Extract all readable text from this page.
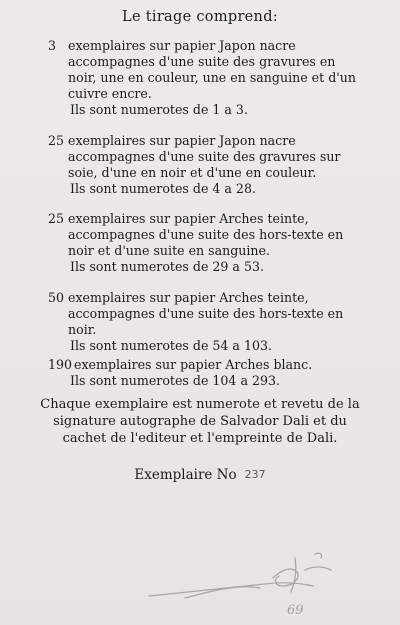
Le tirage comprend:
3 exemplaires sur papier Japon nacre accompagnes d'une suite des gravures en noir, une en couleur, une en sanguine et d'un cuivre encre.
Ils sont numerotes de 1 a 3.
25 exemplaires sur papier Japon nacre accompagnes d'une suite des gravures sur soie, d'une en noir et d'une en couleur.
Ils sont numerotes de 4 a 28.
25 exemplaires sur papier Arches teinte, accompagnes d'une suite des hors-texte en noir et d'une suite en sanguine.
Ils sont numerotes de 29 a 53.
50 exemplaires sur papier Arches teinte, accompagnes d'une suite des hors-texte en noir.
Ils sont numerotes de 54 a 103.
190 exemplaires sur papier Arches blanc.
Ils sont numerotes de 104 a 293.
Chaque exemplaire est numerote et revetu de la signature autographe de Salvador Dali et du cachet de l'editeur et l'empreinte de Dali.
Exemplaire No 237
Dali
69
